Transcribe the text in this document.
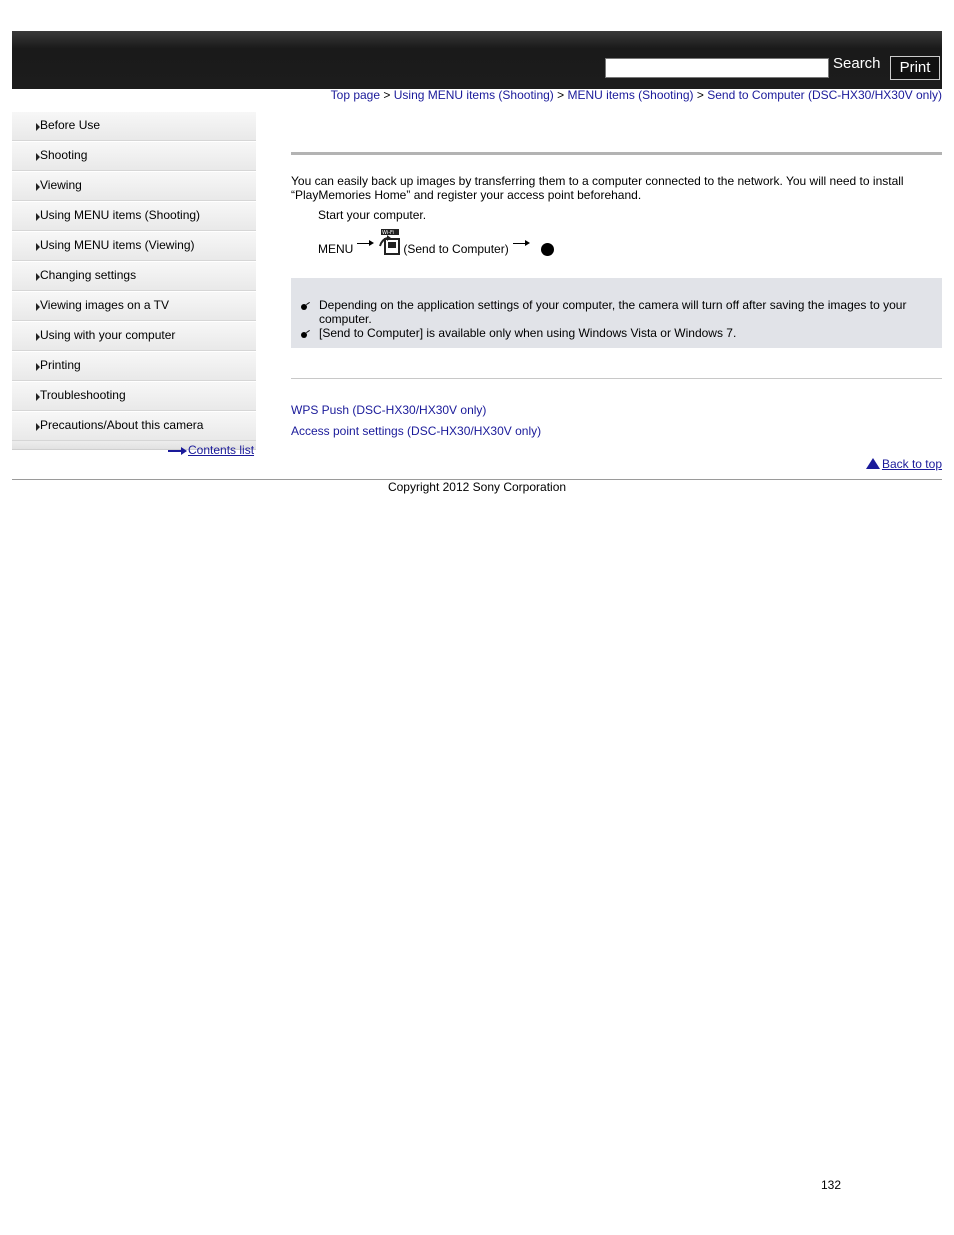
Search	Print
Top page > Using MENU items (Shooting) > MENU items (Shooting) > Send to Computer (DSC-HX30/HX30V only)
Before Use
Shooting
Viewing
Using MENU items (Shooting)
Using MENU items (Viewing)
Changing settings
Viewing images on a TV
Using with your computer
Printing
Troubleshooting
Precautions/About this camera
Contents list
You can easily back up images by transferring them to a computer connected to the network. You will need to install
“PlayMemories Home” and register your access point beforehand.
Start your computer.
MENU
Wi-Fi
(Send to Computer)
Depending on the application settings of your computer, the camera will turn off after saving the images to your computer.
[Send to Computer] is available only when using Windows Vista or Windows 7.
WPS Push (DSC-HX30/HX30V only)
Access point settings (DSC-HX30/HX30V only)
Back to top
Copyright 2012 Sony Corporation
132
